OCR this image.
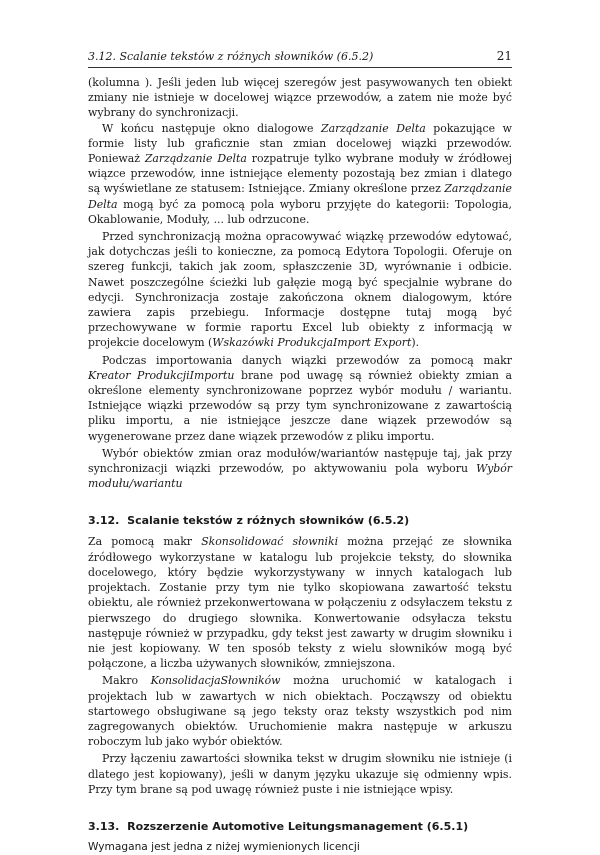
3.12. Scalanie tekstów z różnych słowników (6.5.2)	21

(kolumna ). Jeśli jeden lub więcej szeregów jest pasywowanych ten obiekt zmiany nie istnieje w docelowej wiązce przewodów, a zatem nie może być wybrany do synchronizacji.

W końcu następuje okno dialogowe Zarządzanie Delta pokazujące w formie listy lub graficznie stan zmian docelowej wiązki przewodów. Ponieważ Zarządzanie Delta rozpatruje tylko wybrane moduły w źródłowej wiązce przewodów, inne istniejące elementy pozostają bez zmian i dlatego są wyświetlane ze statusem: Istniejące. Zmiany określone przez Zarządzanie Delta mogą być za pomocą pola wyboru przyjęte do kategorii: Topologia, Okablowanie, Moduły, ... lub odrzucone.

Przed synchronizacją można opracowywać wiązkę przewodów edytować, jak dotychczas jeśli to konieczne, za pomocą Edytora Topologii. Oferuje on szereg funkcji, takich jak zoom, spłaszczenie 3D, wyrównanie i odbicie. Nawet poszczególne ścieżki lub gałęzie mogą być specjalnie wybrane do edycji. Synchronizacja zostaje zakończona oknem dialogowym, które zawiera zapis przebiegu. Informacje dostępne tutaj mogą być przechowywane w formie raportu Excel lub obiekty z informacją w projekcie docelowym (Wskazówki ProdukcjaImport Export).

Podczas importowania danych wiązki przewodów za pomocą makr Kreator ProdukcjiImportu brane pod uwagę są również obiekty zmian a określone elementy synchronizowane poprzez wybór modułu / wariantu. Istniejące wiązki przewodów są przy tym synchronizowane z zawartością pliku importu, a nie istniejące jeszcze dane wiązek przewodów są wygenerowane przez dane wiązek przewodów z pliku importu.

Wybór obiektów zmian oraz modułów/wariantów następuje taj, jak przy synchronizacji wiązki przewodów, po aktywowaniu pola wyboru Wybór modułu/wariantu

3.12. Scalanie tekstów z różnych słowników (6.5.2)

Za pomocą makr Skonsolidować słowniki można przejąć ze słownika źródłowego wykorzystane w katalogu lub projekcie teksty, do słownika docelowego, który będzie wykorzystywany w innych katalogach lub projektach. Zostanie przy tym nie tylko skopiowana zawartość tekstu obiektu, ale również przekonwertowana w połączeniu z odsyłaczem tekstu z pierwszego do drugiego słownika. Konwertowanie odsyłacza tekstu następuje również w przypadku, gdy tekst jest zawarty w drugim słowniku i nie jest kopiowany. W ten sposób teksty z wielu słowników mogą być połączone, a liczba używanych słowników, zmniejszona.

Makro KonsolidacjaSłowników można uruchomić w katalogach i projektach lub w zawartych w nich obiektach. Począwszy od obiektu startowego obsługiwane są jego teksty oraz teksty wszystkich pod nim zagregowanych obiektów. Uruchomienie makra następuje w arkuszu roboczym lub jako wybór obiektów.

Przy łączeniu zawartości słownika tekst w drugim słowniku nie istnieje (i dlatego jest kopiowany), jeśli w danym języku ukazuje się odmienny wpis. Przy tym brane są pod uwagę również puste i nie istniejące wpisy.

3.13. Rozszerzenie Automotive Leitungsmanagement (6.5.1)

Wymagana jest jedna z niżej wymienionych licencji
